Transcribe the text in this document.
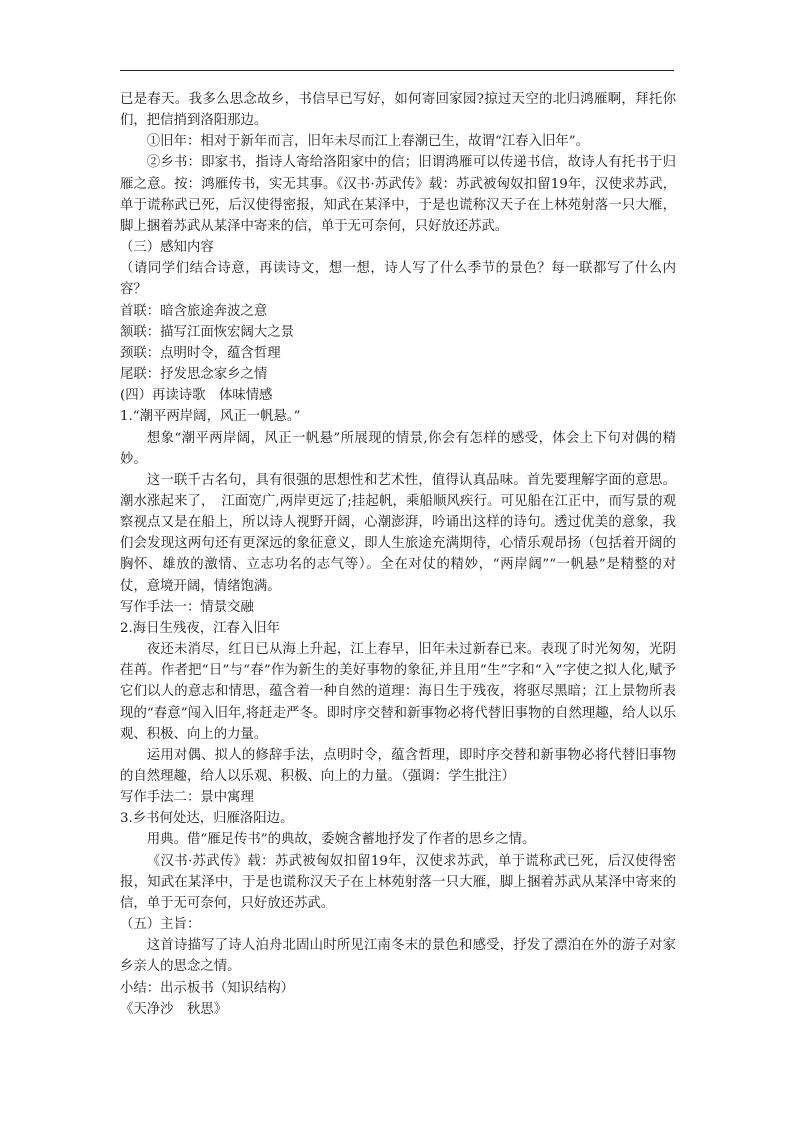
已是春天。我多么思念故乡，书信早已写好，如何寄回家园?掠过天空的北归鸿雁啊，拜托你们，把信捎到洛阳那边。

①旧年：相对于新年而言，旧年未尽而江上春潮已生，故谓“江春入旧年”。

②乡书：即家书，指诗人寄给洛阳家中的信；旧谓鸿雁可以传递书信，故诗人有托书于归雁之意。按：鸿雁传书，实无其事。《汉书·苏武传》载：苏武被匈奴扣留19年，汉使求苏武，单于谎称武已死，后汉使得密报，知武在某泽中，于是也谎称汉天子在上林苑射落一只大雁，脚上捆着苏武从某泽中寄来的信，单于无可奈何，只好放还苏武。

（三）感知内容

（请同学们结合诗意，再读诗文，想一想，诗人写了什么季节的景色？每一联都写了什么内容？

首联：暗含旅途奔波之意

颔联：描写江面恢宏阔大之景

颈联：点明时令，蕴含哲理

尾联：抒发思念家乡之情

(四）再读诗歌　体味情感

1.“潮平两岸阔，风正一帆悬。”

想象“潮平两岸阔，风正一帆悬”所展现的情景,你会有怎样的感受，体会上下句对偶的精妙。

这一联千古名句，具有很强的思想性和艺术性，值得认真品味。首先要理解字面的意思。潮水涨起来了，　江面宽广,两岸更远了;挂起帆，乘船顺风疾行。可见船在江正中，而写景的观察视点又是在船上，所以诗人视野开阔，心潮澎湃，吟诵出这样的诗句。透过优美的意象，我们会发现这两句还有更深远的象征意义，即人生旅途充满期待，心情乐观昂扬（包括着开阔的胸怀、雄放的激情、立志功名的志气等）。全在对仗的精妙，“两岸阔”“一帆悬”是精整的对仗，意境开阔，情绪饱满。

写作手法一：情景交融

2.海日生残夜，江春入旧年

夜还未消尽，红日已从海上升起，江上春早，旧年未过新春已来。表现了时光匆匆，光阴荏苒。作者把“日”与“春”作为新生的美好事物的象征,并且用“生”字和“入”字使之拟人化,赋予它们以人的意志和情思，蕴含着一种自然的道理：海日生于残夜，将驱尽黑暗；江上景物所表现的“春意”闯入旧年,将赶走严冬。即时序交替和新事物必将代替旧事物的自然理趣，给人以乐观、积极、向上的力量。

运用对偶、拟人的修辞手法，点明时令，蕴含哲理，即时序交替和新事物必将代替旧事物的自然理趣，给人以乐观、积极、向上的力量。（强调：学生批注）

写作手法二：景中寓理

3.乡书何处达，归雁洛阳边。

用典。借“雁足传书”的典故，委婉含蓄地抒发了作者的思乡之情。

《汉书·苏武传》载：苏武被匈奴扣留19年，汉使求苏武，单于谎称武已死，后汉使得密报，知武在某泽中，于是也谎称汉天子在上林苑射落一只大雁，脚上捆着苏武从某泽中寄来的信，单于无可奈何，只好放还苏武。

（五）主旨：

这首诗描写了诗人泊舟北固山时所见江南冬末的景色和感受，抒发了漂泊在外的游子对家乡亲人的思念之情。

小结：出示板书（知识结构）

《天净沙　秋思》
